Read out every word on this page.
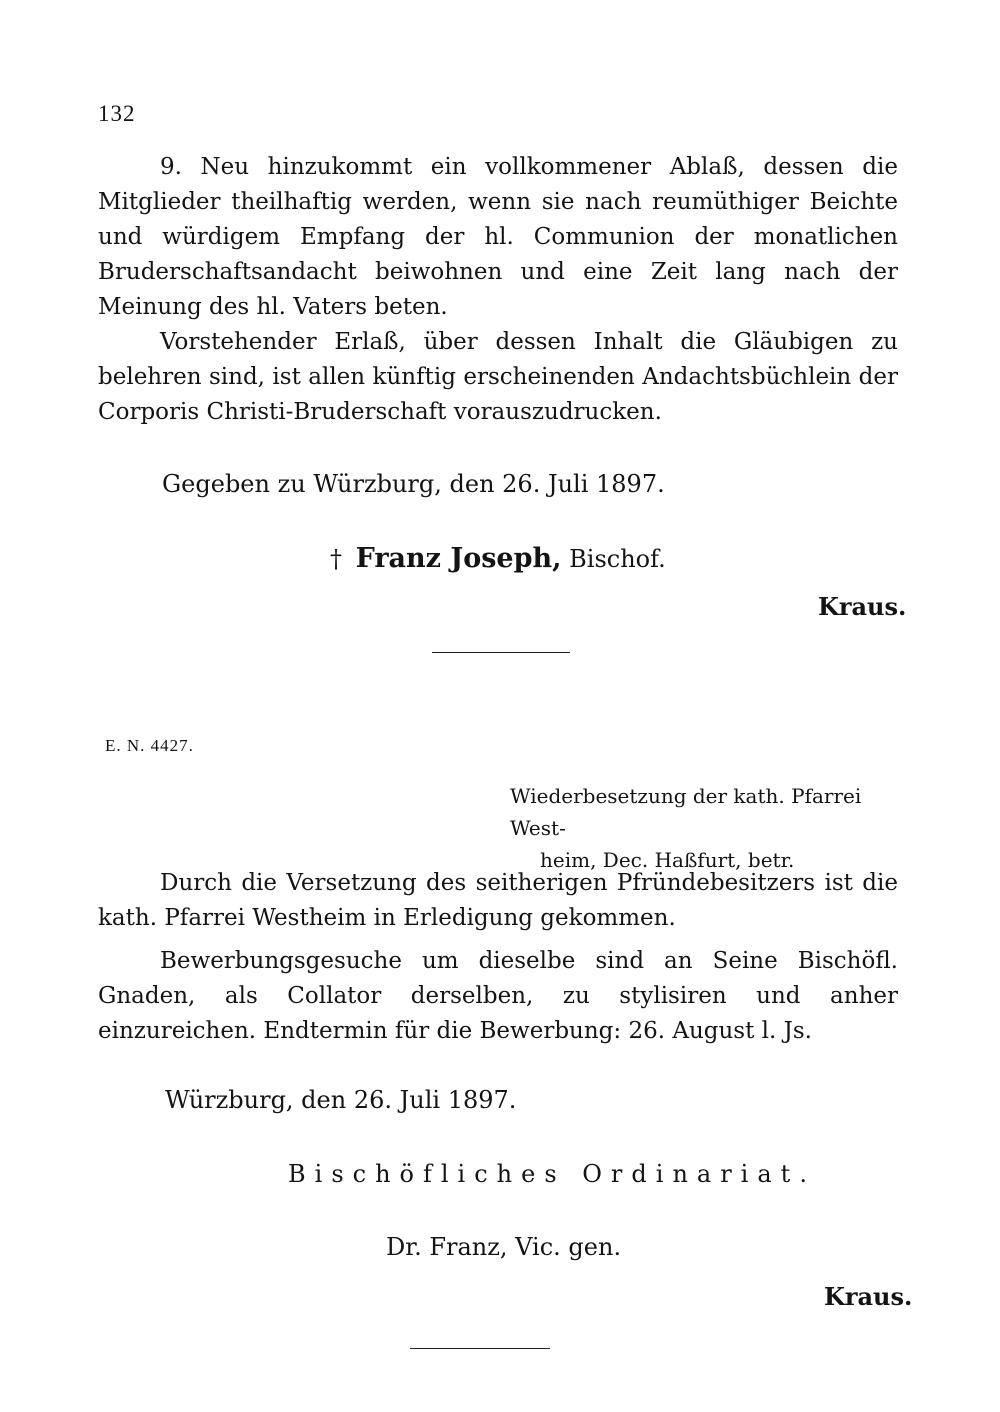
132

9. Neu hinzukommt ein vollkommener Ablaß, dessen die Mitglieder theilhaftig werden, wenn sie nach reumüthiger Beichte und würdigem Empfang der hl. Communion der monatlichen Bruderschaftsandacht beiwohnen und eine Zeit lang nach der Meinung des hl. Vaters beten.

Vorstehender Erlaß, über dessen Inhalt die Gläubigen zu belehren sind, ist allen künftig erscheinenden Andachtsbüchlein der Corporis Christi-Bruderschaft vorauszudrucken.

Gegeben zu Würzburg, den 26. Juli 1897.

† Franz Joseph, Bischof.

Kraus.

E. N. 4427.

Wiederbesetzung der kath. Pfarrei West-
heim, Dec. Haßfurt, betr.

Durch die Versetzung des seitherigen Pfründebesitzers ist die kath. Pfarrei Westheim in Erledigung gekommen.

Bewerbungsgesuche um dieselbe sind an Seine Bischöfl. Gnaden, als Collator derselben, zu stylisiren und anher einzureichen. Endtermin für die Bewerbung: 26. August l. Js.

Würzburg, den 26. Juli 1897.

Bischöfliches Ordinariat.

Dr. Franz, Vic. gen.

Kraus.
